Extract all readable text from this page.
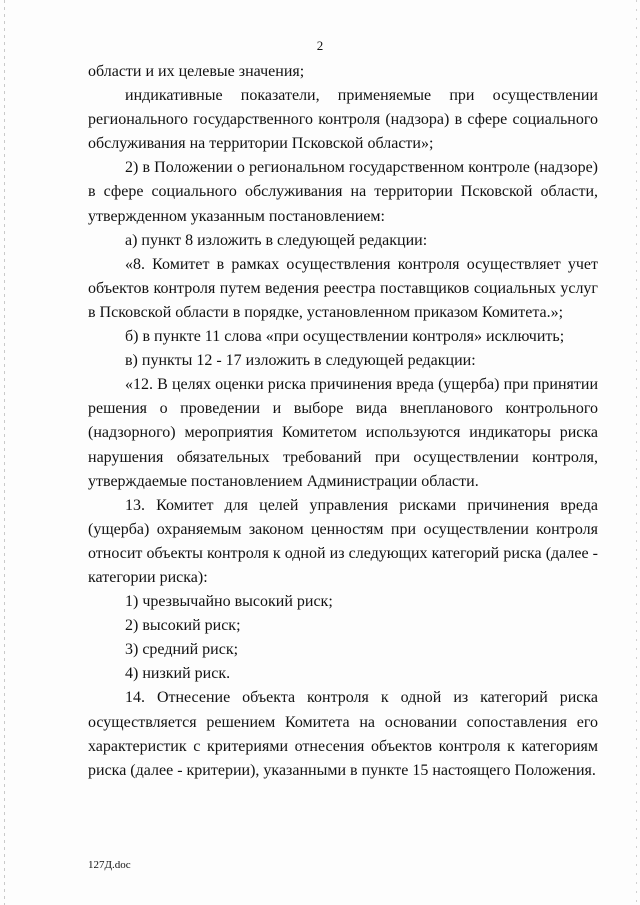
2

области и их целевые значения;

индикативные показатели, применяемые при осуществлении регионального государственного контроля (надзора) в сфере социального обслуживания на территории Псковской области»;

2) в Положении о региональном государственном контроле (надзоре) в сфере социального обслуживания на территории Псковской области, утвержденном указанным постановлением:

а) пункт 8 изложить в следующей редакции:

«8. Комитет в рамках осуществления контроля осуществляет учет объектов контроля путем ведения реестра поставщиков социальных услуг в Псковской области в порядке, установленном приказом Комитета.»;

б) в пункте 11 слова «при осуществлении контроля» исключить;

в) пункты 12 - 17 изложить в следующей редакции:

«12. В целях оценки риска причинения вреда (ущерба) при принятии решения о проведении и выборе вида внепланового контрольного (надзорного) мероприятия Комитетом используются индикаторы риска нарушения обязательных требований при осуществлении контроля, утверждаемые постановлением Администрации области.

13. Комитет для целей управления рисками причинения вреда (ущерба) охраняемым законом ценностям при осуществлении контроля относит объекты контроля к одной из следующих категорий риска (далее - категории риска):

1) чрезвычайно высокий риск;

2) высокий риск;

3) средний риск;

4) низкий риск.

14. Отнесение объекта контроля к одной из категорий риска осуществляется решением Комитета на основании сопоставления его характеристик с критериями отнесения объектов контроля к категориям риска (далее - критерии), указанными в пункте 15 настоящего Положения.

127Д.doc
